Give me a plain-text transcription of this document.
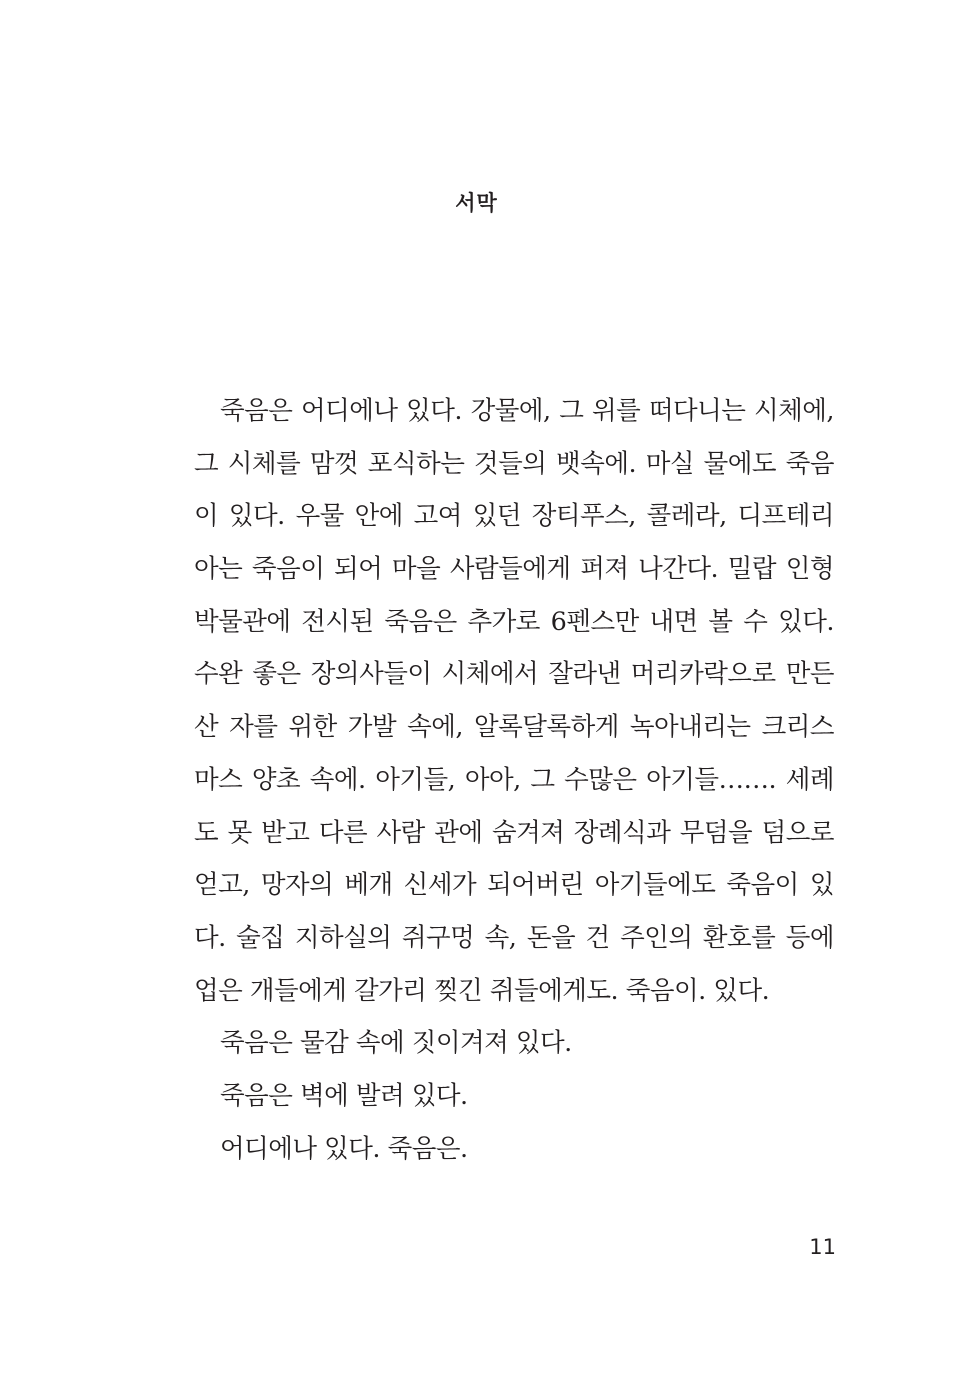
서막
죽음은 어디에나 있다. 강물에, 그 위를 떠다니는 시체에,
그 시체를 맘껏 포식하는 것들의 뱃속에. 마실 물에도 죽음
이 있다. 우물 안에 고여 있던 장티푸스, 콜레라, 디프테리
아는 죽음이 되어 마을 사람들에게 퍼져 나간다. 밀랍 인형
박물관에 전시된 죽음은 추가로 6펜스만 내면 볼 수 있다.
수완 좋은 장의사들이 시체에서 잘라낸 머리카락으로 만든
산 자를 위한 가발 속에, 알록달록하게 녹아내리는 크리스
마스 양초 속에. 아기들, 아아, 그 수많은 아기들……. 세례
도 못 받고 다른 사람 관에 숨겨져 장례식과 무덤을 덤으로
얻고, 망자의 베개 신세가 되어버린 아기들에도 죽음이 있
다. 술집 지하실의 쥐구멍 속, 돈을 건 주인의 환호를 등에
업은 개들에게 갈가리 찢긴 쥐들에게도. 죽음이. 있다.
죽음은 물감 속에 짓이겨져 있다.
죽음은 벽에 발려 있다.
어디에나 있다. 죽음은.
11
